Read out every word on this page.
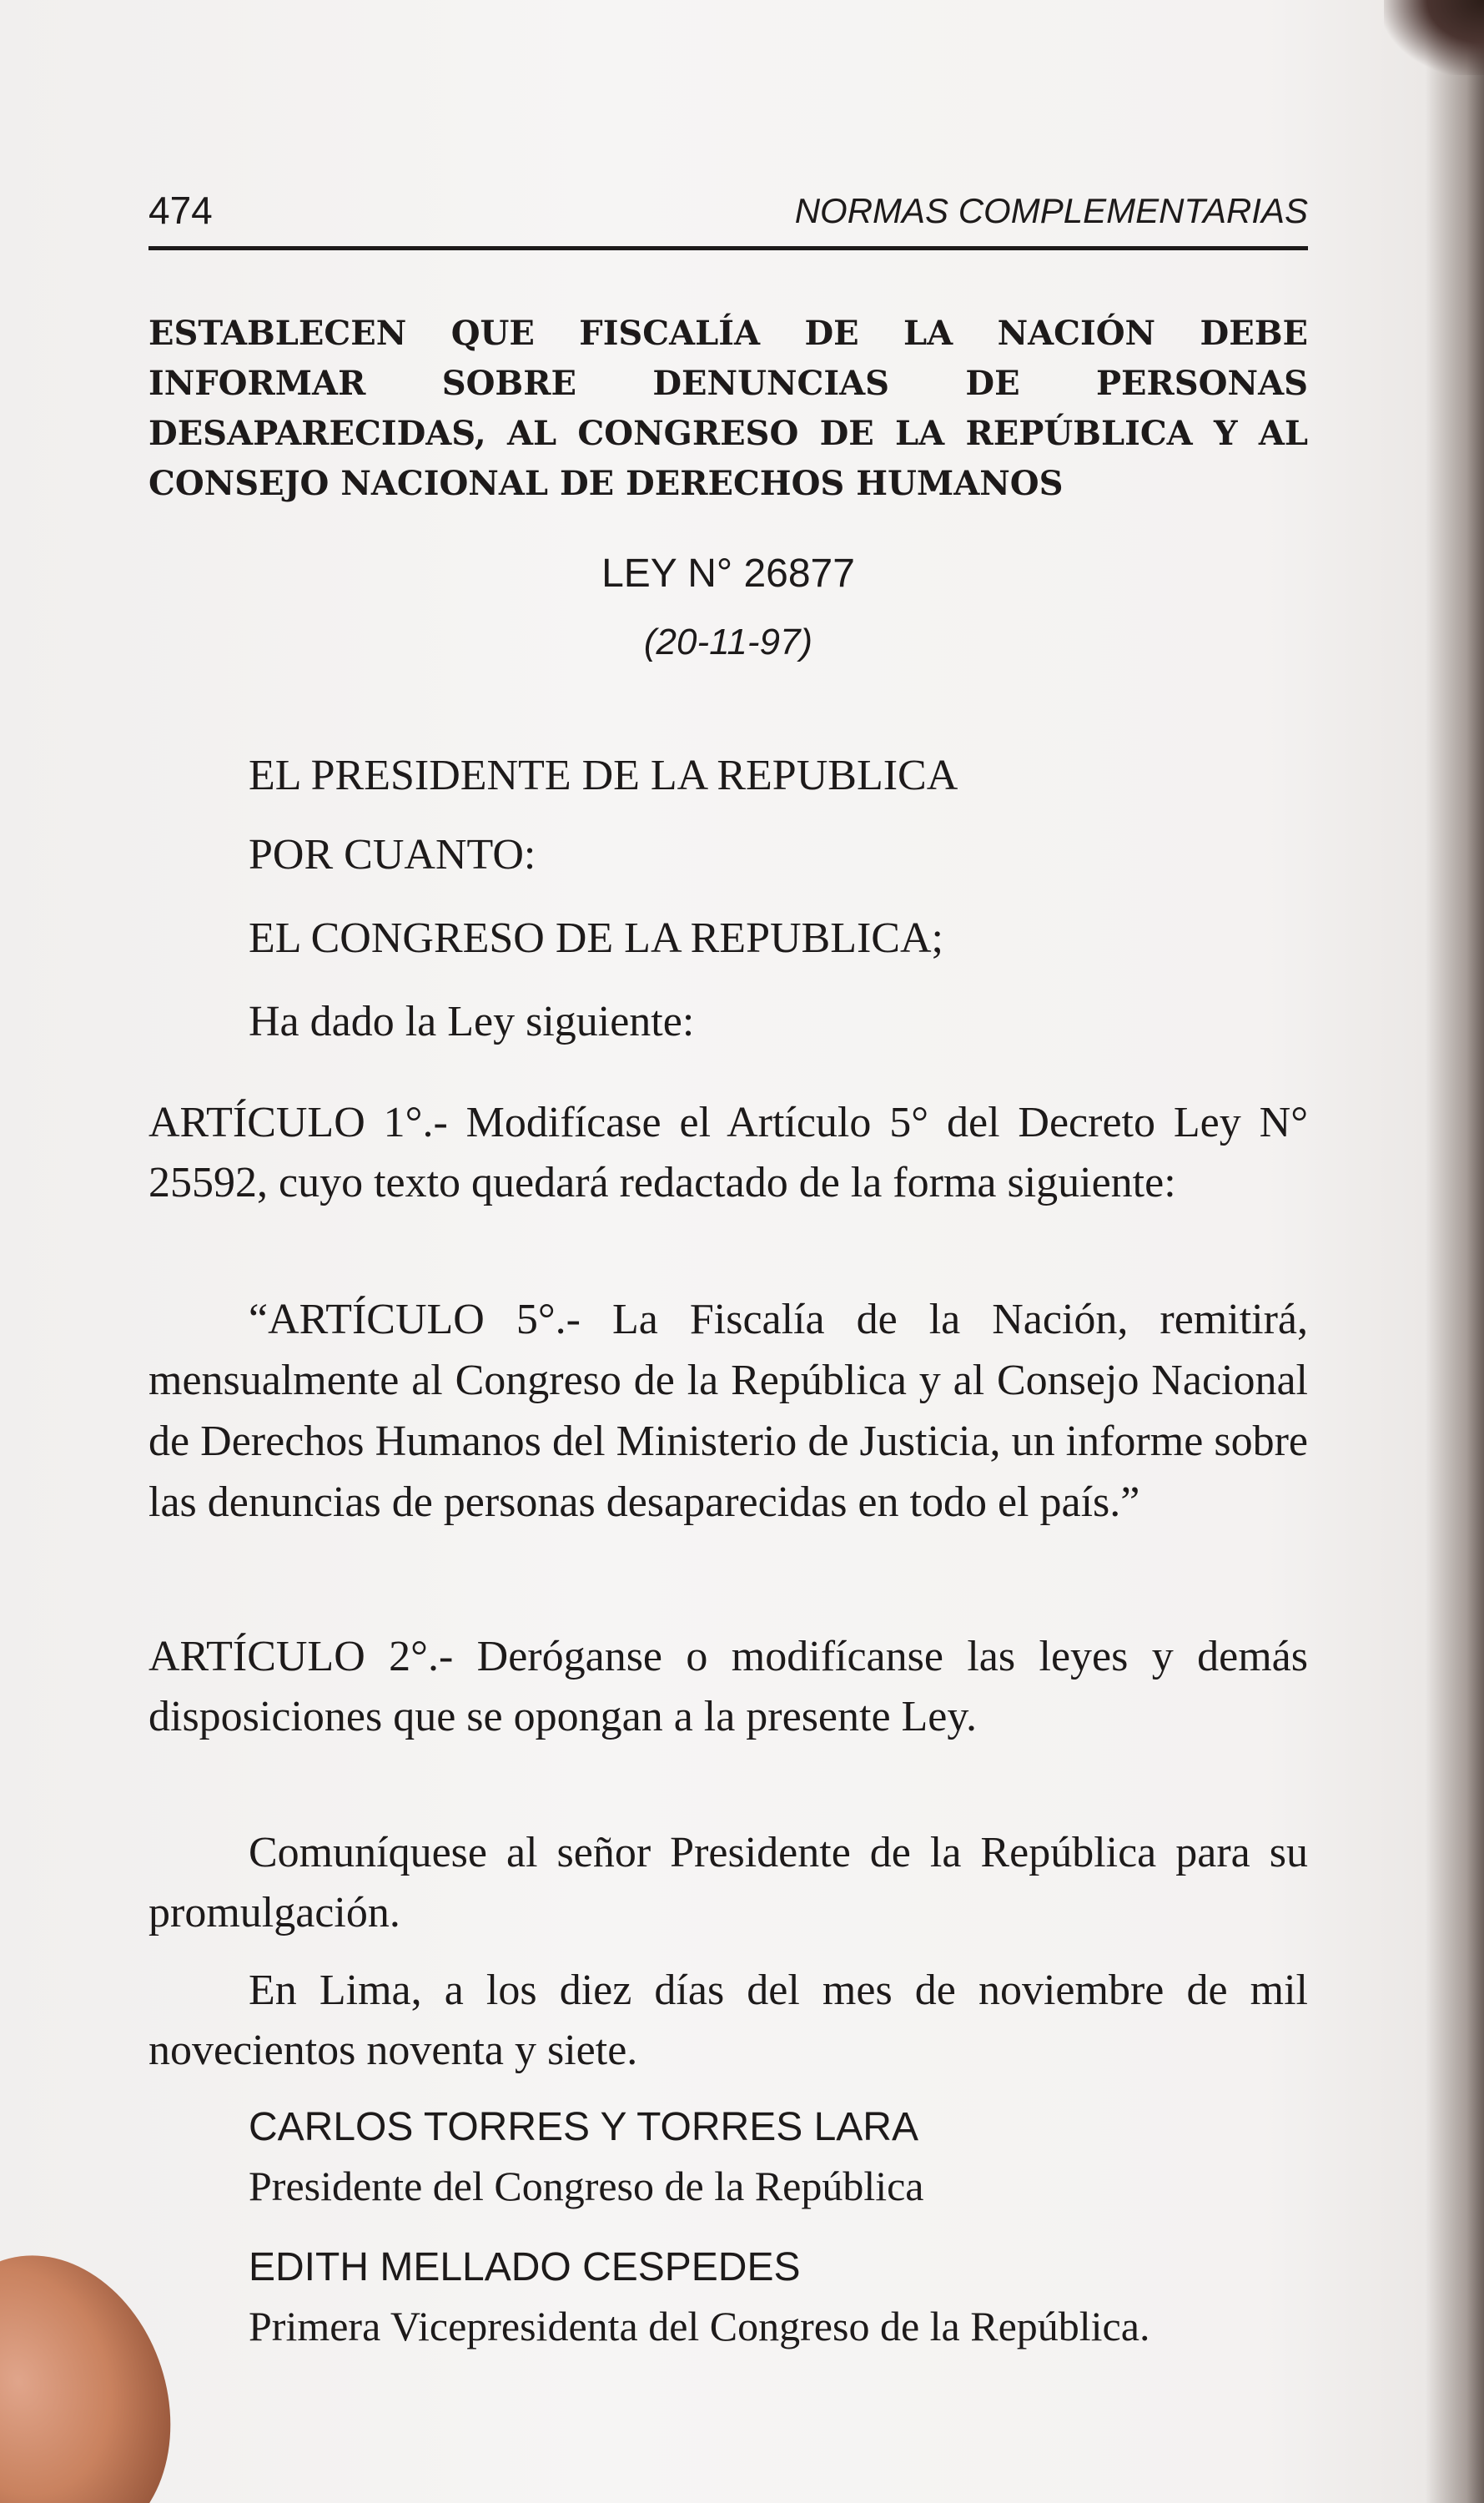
474	NORMAS COMPLEMENTARIAS

ESTABLECEN QUE FISCALÍA DE LA NACIÓN DEBE INFORMAR SOBRE DENUNCIAS DE PERSONAS DESAPARECIDAS, AL CONGRESO DE LA REPÚBLICA Y AL CONSEJO NACIONAL DE DERECHOS HUMANOS

LEY N° 26877
(20-11-97)

EL PRESIDENTE DE LA REPUBLICA

POR CUANTO:

EL CONGRESO DE LA REPUBLICA;

Ha dado la Ley siguiente:

ARTÍCULO 1°.- Modifícase el Artículo 5° del Decreto Ley N° 25592, cuyo texto quedará redactado de la forma siguiente:

“ARTÍCULO 5°.- La Fiscalía de la Nación, remitirá, mensualmente al Congreso de la República y al Consejo Nacional de Derechos Humanos del Ministerio de Justicia, un informe sobre las denuncias de personas desaparecidas en todo el país.”

ARTÍCULO 2°.- Deróganse o modifícanse las leyes y demás disposiciones que se opongan a la presente Ley.

Comuníquese al señor Presidente de la República para su promulgación.

En Lima, a los diez días del mes de noviembre de mil novecientos noventa y siete.

CARLOS TORRES Y TORRES LARA
Presidente del Congreso de la República
EDITH MELLADO CESPEDES
Primera Vicepresidenta del Congreso de la República.
